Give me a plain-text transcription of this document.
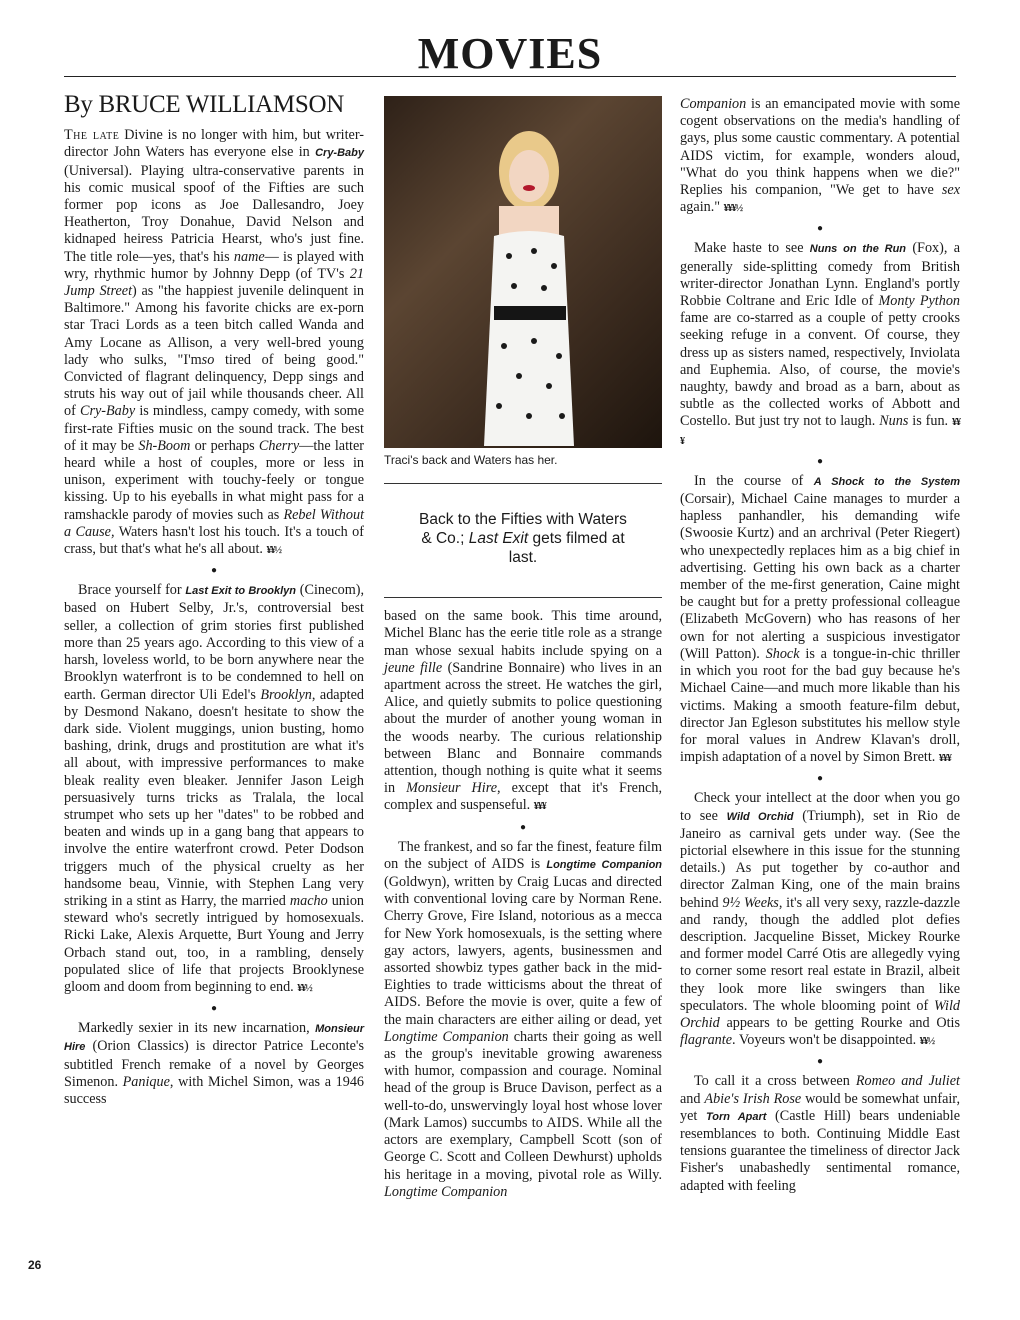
MOVIES
By BRUCE WILLIAMSON

The late Divine is no longer with him, but writer-director John Waters has everyone else in Cry-Baby (Universal). Playing ultra-conservative parents in his comic musical spoof of the Fifties are such former pop icons as Joe Dallesandro, Joey Heatherton, Troy Donahue, David Nelson and kidnaped heiress Patricia Hearst, who's just fine. The title role—yes, that's his name— is played with wry, rhythmic humor by Johnny Depp (of TV's 21 Jump Street) as "the happiest juvenile delinquent in Baltimore." Among his favorite chicks are ex-porn star Traci Lords as a teen bitch called Wanda and Amy Locane as Allison, a very well-bred young lady who sulks, "I'mso tired of being good." Convicted of flagrant delinquency, Depp sings and struts his way out of jail while thousands cheer. All of Cry-Baby is mindless, campy comedy, with some first-rate Fifties music on the sound track. The best of it may be Sh-Boom or perhaps Cherry—the latter heard while a host of couples, more or less in unison, experiment with touchy-feely or tongue kissing. Up to his eyeballs in what might pass for a ramshackle parody of movies such as Rebel Without a Cause, Waters hasn't lost his touch. It's a touch of crass, but that's what he's all about. ¥¥½

●

Brace yourself for Last Exit to Brooklyn (Cinecom), based on Hubert Selby, Jr.'s, controversial best seller, a collection of grim stories first published more than 25 years ago. According to this view of a harsh, loveless world, to be born anywhere near the Brooklyn waterfront is to be condemned to hell on earth. German director Uli Edel's Brooklyn, adapted by Desmond Nakano, doesn't hesitate to show the dark side. Violent muggings, union busting, homo bashing, drink, drugs and prostitution are what it's all about, with impressive performances to make bleak reality even bleaker. Jennifer Jason Leigh persuasively turns tricks as Tralala, the local strumpet who sets up her "dates" to be robbed and beaten and winds up in a gang bang that appears to involve the entire waterfront crowd. Peter Dodson triggers much of the physical cruelty as her handsome beau, Vinnie, with Stephen Lang very striking in a stint as Harry, the married macho union steward who's secretly intrigued by homosexuals. Ricki Lake, Alexis Arquette, Burt Young and Jerry Orbach stand out, too, in a rambling, densely populated slice of life that projects Brooklynese gloom and doom from beginning to end. ¥¥½

●

Markedly sexier in its new incarnation, Monsieur Hire (Orion Classics) is director Patrice Leconte's subtitled French remake of a novel by Georges Simenon. Panique, with Michel Simon, was a 1946 success

Traci's back and Waters has her.
Back to the Fifties with Waters & Co.; Last Exit gets filmed at last.

based on the same book. This time around, Michel Blanc has the eerie title role as a strange man whose sexual habits include spying on a jeune fille (Sandrine Bonnaire) who lives in an apartment across the street. He watches the girl, Alice, and quietly submits to police questioning about the murder of another young woman in the woods nearby. The curious relationship between Blanc and Bonnaire commands attention, though nothing is quite what it seems in Monsieur Hire, except that it's French, complex and suspenseful. ¥¥¥

●

The frankest, and so far the finest, feature film on the subject of AIDS is Longtime Companion (Goldwyn), written by Craig Lucas and directed with conventional loving care by Norman Rene. Cherry Grove, Fire Island, notorious as a mecca for New York homosexuals, is the setting where gay actors, lawyers, agents, businessmen and assorted showbiz types gather back in the mid-Eighties to trade witticisms about the threat of AIDS. Before the movie is over, quite a few of the main characters are either ailing or dead, yet Longtime Companion charts their going as well as the group's inevitable growing awareness with humor, compassion and courage. Nominal head of the group is Bruce Davison, perfect as a well-to-do, unswervingly loyal host whose lover (Mark Lamos) succumbs to AIDS. While all the actors are exemplary, Campbell Scott (son of George C. Scott and Colleen Dewhurst) upholds his heritage in a moving, pivotal role as Willy. Longtime Companion

Companion is an emancipated movie with some cogent observations on the media's handling of gays, plus some caustic commentary. A potential AIDS victim, for example, wonders aloud, "What do you think happens when we die?" Replies his companion, "We get to have sex again." ¥¥¥½

●

Make haste to see Nuns on the Run (Fox), a generally side-splitting comedy from British writer-director Jonathan Lynn. England's portly Robbie Coltrane and Eric Idle of Monty Python fame are co-starred as a couple of petty crooks seeking refuge in a convent. Of course, they dress up as sisters named, respectively, Inviolata and Euphemia. Also, of course, the movie's naughty, bawdy and broad as a barn, about as subtle as the collected works of Abbott and Costello. But just try not to laugh. Nuns is fun. ¥¥¥

●

In the course of A Shock to the System (Corsair), Michael Caine manages to murder a hapless panhandler, his demanding wife (Swoosie Kurtz) and an archrival (Peter Riegert) who unexpectedly replaces him as a big chief in advertising. Getting his own back as a charter member of the me-first generation, Caine might be caught but for a pretty professional colleague (Elizabeth McGovern) who has reasons of her own for not alerting a suspicious investigator (Will Patton). Shock is a tongue-in-chic thriller in which you root for the bad guy because he's Michael Caine—and much more likable than his victims. Making a smooth feature-film debut, director Jan Egleson substitutes his mellow style for moral values in Andrew Klavan's droll, impish adaptation of a novel by Simon Brett. ¥¥¥

●

Check your intellect at the door when you go to see Wild Orchid (Triumph), set in Rio de Janeiro as carnival gets under way. (See the pictorial elsewhere in this issue for the stunning details.) As put together by co-author and director Zalman King, one of the main brains behind 9½ Weeks, it's all very sexy, razzle-dazzle and randy, though the addled plot defies description. Jacqueline Bisset, Mickey Rourke and former model Carré Otis are allegedly vying to corner some resort real estate in Brazil, albeit they look more like swingers than like speculators. The whole blooming point of Wild Orchid appears to be getting Rourke and Otis flagrante. Voyeurs won't be disappointed. ¥¥½

●

To call it a cross between Romeo and Juliet and Abie's Irish Rose would be somewhat unfair, yet Torn Apart (Castle Hill) bears undeniable resemblances to both. Continuing Middle East tensions guarantee the timeliness of director Jack Fisher's unabashedly sentimental romance, adapted with feeling

26
